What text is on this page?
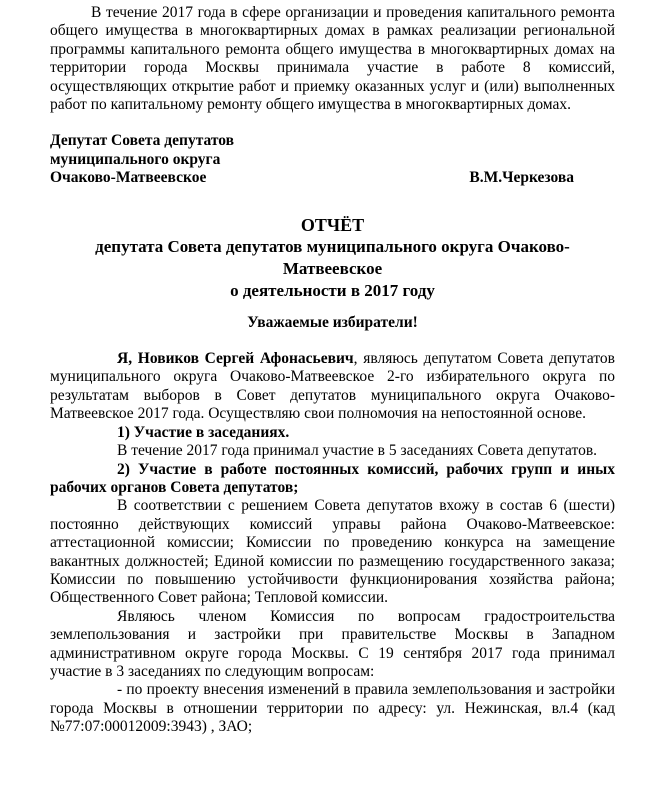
В течение 2017 года в сфере организации и проведения капитального ремонта общего имущества в многоквартирных домах в рамках реализации региональной программы капитального ремонта общего имущества в многоквартирных домах на территории города Москвы принимала участие в работе 8 комиссий, осуществляющих открытие работ и приемку оказанных услуг и (или) выполненных работ по капитальному ремонту общего имущества в многоквартирных домах.

Депутат Совета депутатов
муниципального округа
Очаково-Матвеевское	В.М.Черкезова
ОТЧЁТ
депутата Совета депутатов муниципального округа Очаково-Матвеевское
о деятельности в 2017 году
Уважаемые избиратели!

Я, Новиков Сергей Афонасьевич, являюсь депутатом Совета депутатов муниципального округа Очаково-Матвеевское 2-го избирательного округа по результатам выборов в Совет депутатов муниципального округа Очаково-Матвеевское 2017 года. Осуществляю свои полномочия на непостоянной основе.

1) Участие в заседаниях.

В течение 2017 года принимал участие в 5 заседаниях Совета депутатов.

2) Участие в работе постоянных комиссий, рабочих групп и иных рабочих органов Совета депутатов;

В соответствии с решением Совета депутатов вхожу в состав 6 (шести) постоянно действующих комиссий управы района Очаково-Матвеевское: аттестационной комиссии; Комиссии по проведению конкурса на замещение вакантных должностей; Единой комиссии по размещению государственного заказа; Комиссии по повышению устойчивости функционирования хозяйства района; Общественного Совет района; Тепловой комиссии.

Являюсь членом Комиссия по вопросам градостроительства землепользования и застройки при правительстве Москвы в Западном административном округе города Москвы. С 19 сентября 2017 года принимал участие в 3 заседаниях по следующим вопросам:

- по проекту внесения изменений в правила землепользования и застройки города Москвы в отношении территории по адресу: ул. Нежинская, вл.4 (кад №77:07:00012009:3943) , ЗАО;
